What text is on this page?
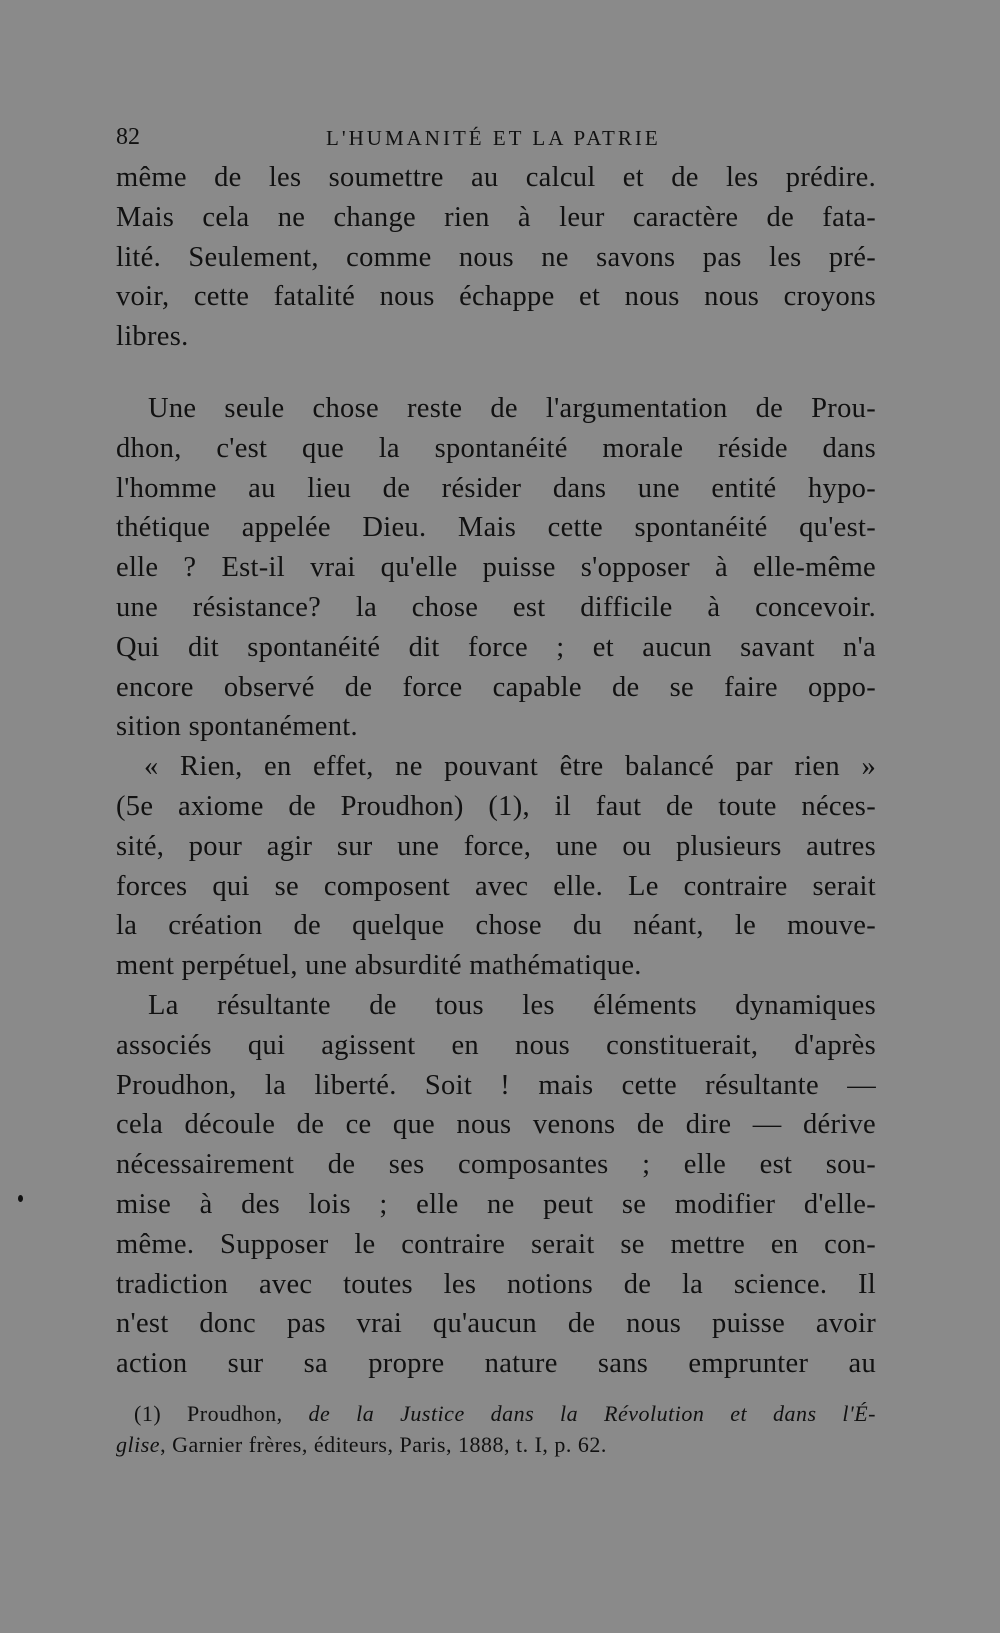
82	L'HUMANITÉ ET LA PATRIE
même de les soumettre au calcul et de les prédire.
Mais cela ne change rien à leur caractère de fata-
lité. Seulement, comme nous ne savons pas les pré-
voir, cette fatalité nous échappe et nous nous croyons
libres.
Une seule chose reste de l'argumentation de Prou-
dhon, c'est que la spontanéité morale réside dans
l'homme au lieu de résider dans une entité hypo-
thétique appelée Dieu. Mais cette spontanéité qu'est-
elle ? Est-il vrai qu'elle puisse s'opposer à elle-même
une résistance? la chose est difficile à concevoir.
Qui dit spontanéité dit force ; et aucun savant n'a
encore observé de force capable de se faire oppo-
sition spontanément.
« Rien, en effet, ne pouvant être balancé par rien »
(5e axiome de Proudhon) (1), il faut de toute néces-
sité, pour agir sur une force, une ou plusieurs autres
forces qui se composent avec elle. Le contraire serait
la création de quelque chose du néant, le mouve-
ment perpétuel, une absurdité mathématique.
La résultante de tous les éléments dynamiques
associés qui agissent en nous constituerait, d'après
Proudhon, la liberté. Soit ! mais cette résultante —
cela découle de ce que nous venons de dire — dérive
nécessairement de ses composantes ; elle est sou-
mise à des lois ; elle ne peut se modifier d'elle-
même. Supposer le contraire serait se mettre en con-
tradiction avec toutes les notions de la science. Il
n'est donc pas vrai qu'aucun de nous puisse avoir
action sur sa propre nature sans emprunter au
(1) Proudhon, de la Justice dans la Révolution et dans l'É-
glise, Garnier frères, éditeurs, Paris, 1888, t. I, p. 62.
